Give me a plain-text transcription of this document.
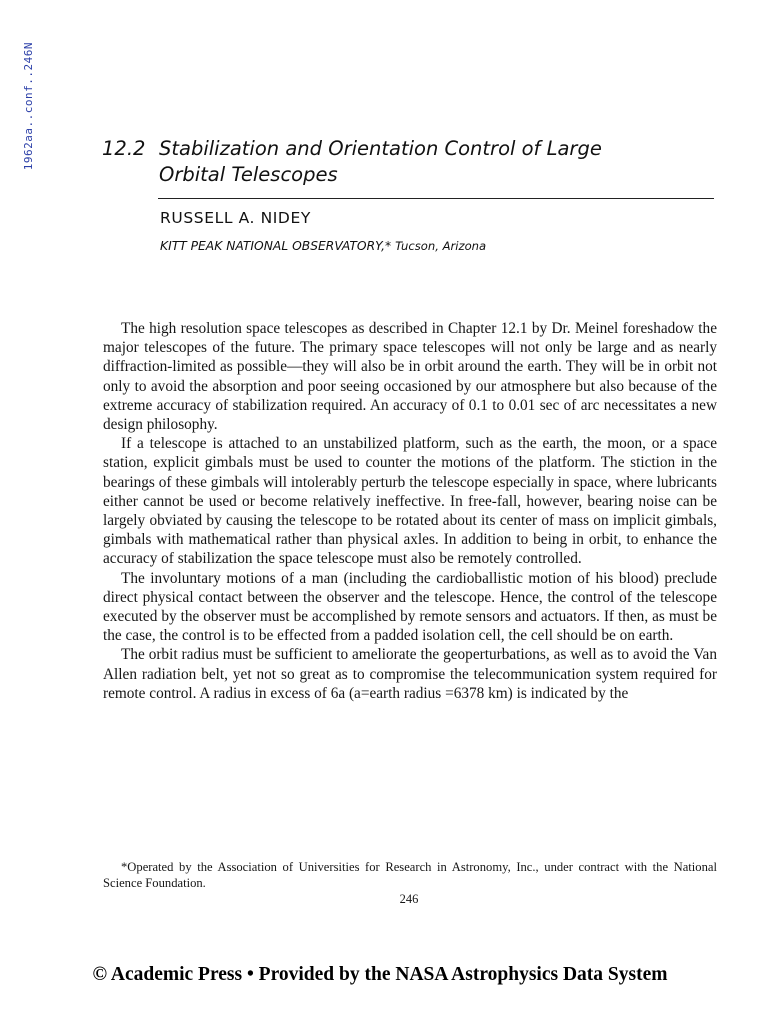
1962aa..conf..246N	12.2 Stabilization and Orientation Control of Large
Orbital Telescopes
RUSSELL A. NIDEY
KITT PEAK NATIONAL OBSERVATORY,* Tucson, Arizona

The high resolution space telescopes as described in Chapter 12.1 by Dr. Meinel foreshadow the major telescopes of the future. The primary space telescopes will not only be large and as nearly diffraction-limited as possible—they will also be in orbit around the earth. They will be in orbit not only to avoid the absorption and poor seeing occasioned by our atmosphere but also because of the extreme accuracy of stabilization required. An accuracy of 0.1 to 0.01 sec of arc necessitates a new design philosophy.

If a telescope is attached to an unstabilized platform, such as the earth, the moon, or a space station, explicit gimbals must be used to counter the motions of the platform. The stiction in the bearings of these gimbals will intolerably perturb the telescope especially in space, where lubricants either cannot be used or become relatively ineffective. In free-fall, however, bearing noise can be largely obviated by causing the telescope to be rotated about its center of mass on implicit gimbals, gimbals with mathematical rather than physical axles. In addition to being in orbit, to enhance the accuracy of stabilization the space telescope must also be remotely controlled.

The involuntary motions of a man (including the cardioballistic motion of his blood) preclude direct physical contact between the observer and the telescope. Hence, the control of the telescope executed by the observer must be accomplished by remote sensors and actuators. If then, as must be the case, the control is to be effected from a padded isolation cell, the cell should be on earth.

The orbit radius must be sufficient to ameliorate the geoperturbations, as well as to avoid the Van Allen radiation belt, yet not so great as to compromise the telecommunication system required for remote control. A radius in excess of 6a (a=earth radius =6378 km) is indicated by the

*Operated by the Association of Universities for Research in Astronomy, Inc., under contract with the National Science Foundation.

246
© Academic Press • Provided by the NASA Astrophysics Data System
